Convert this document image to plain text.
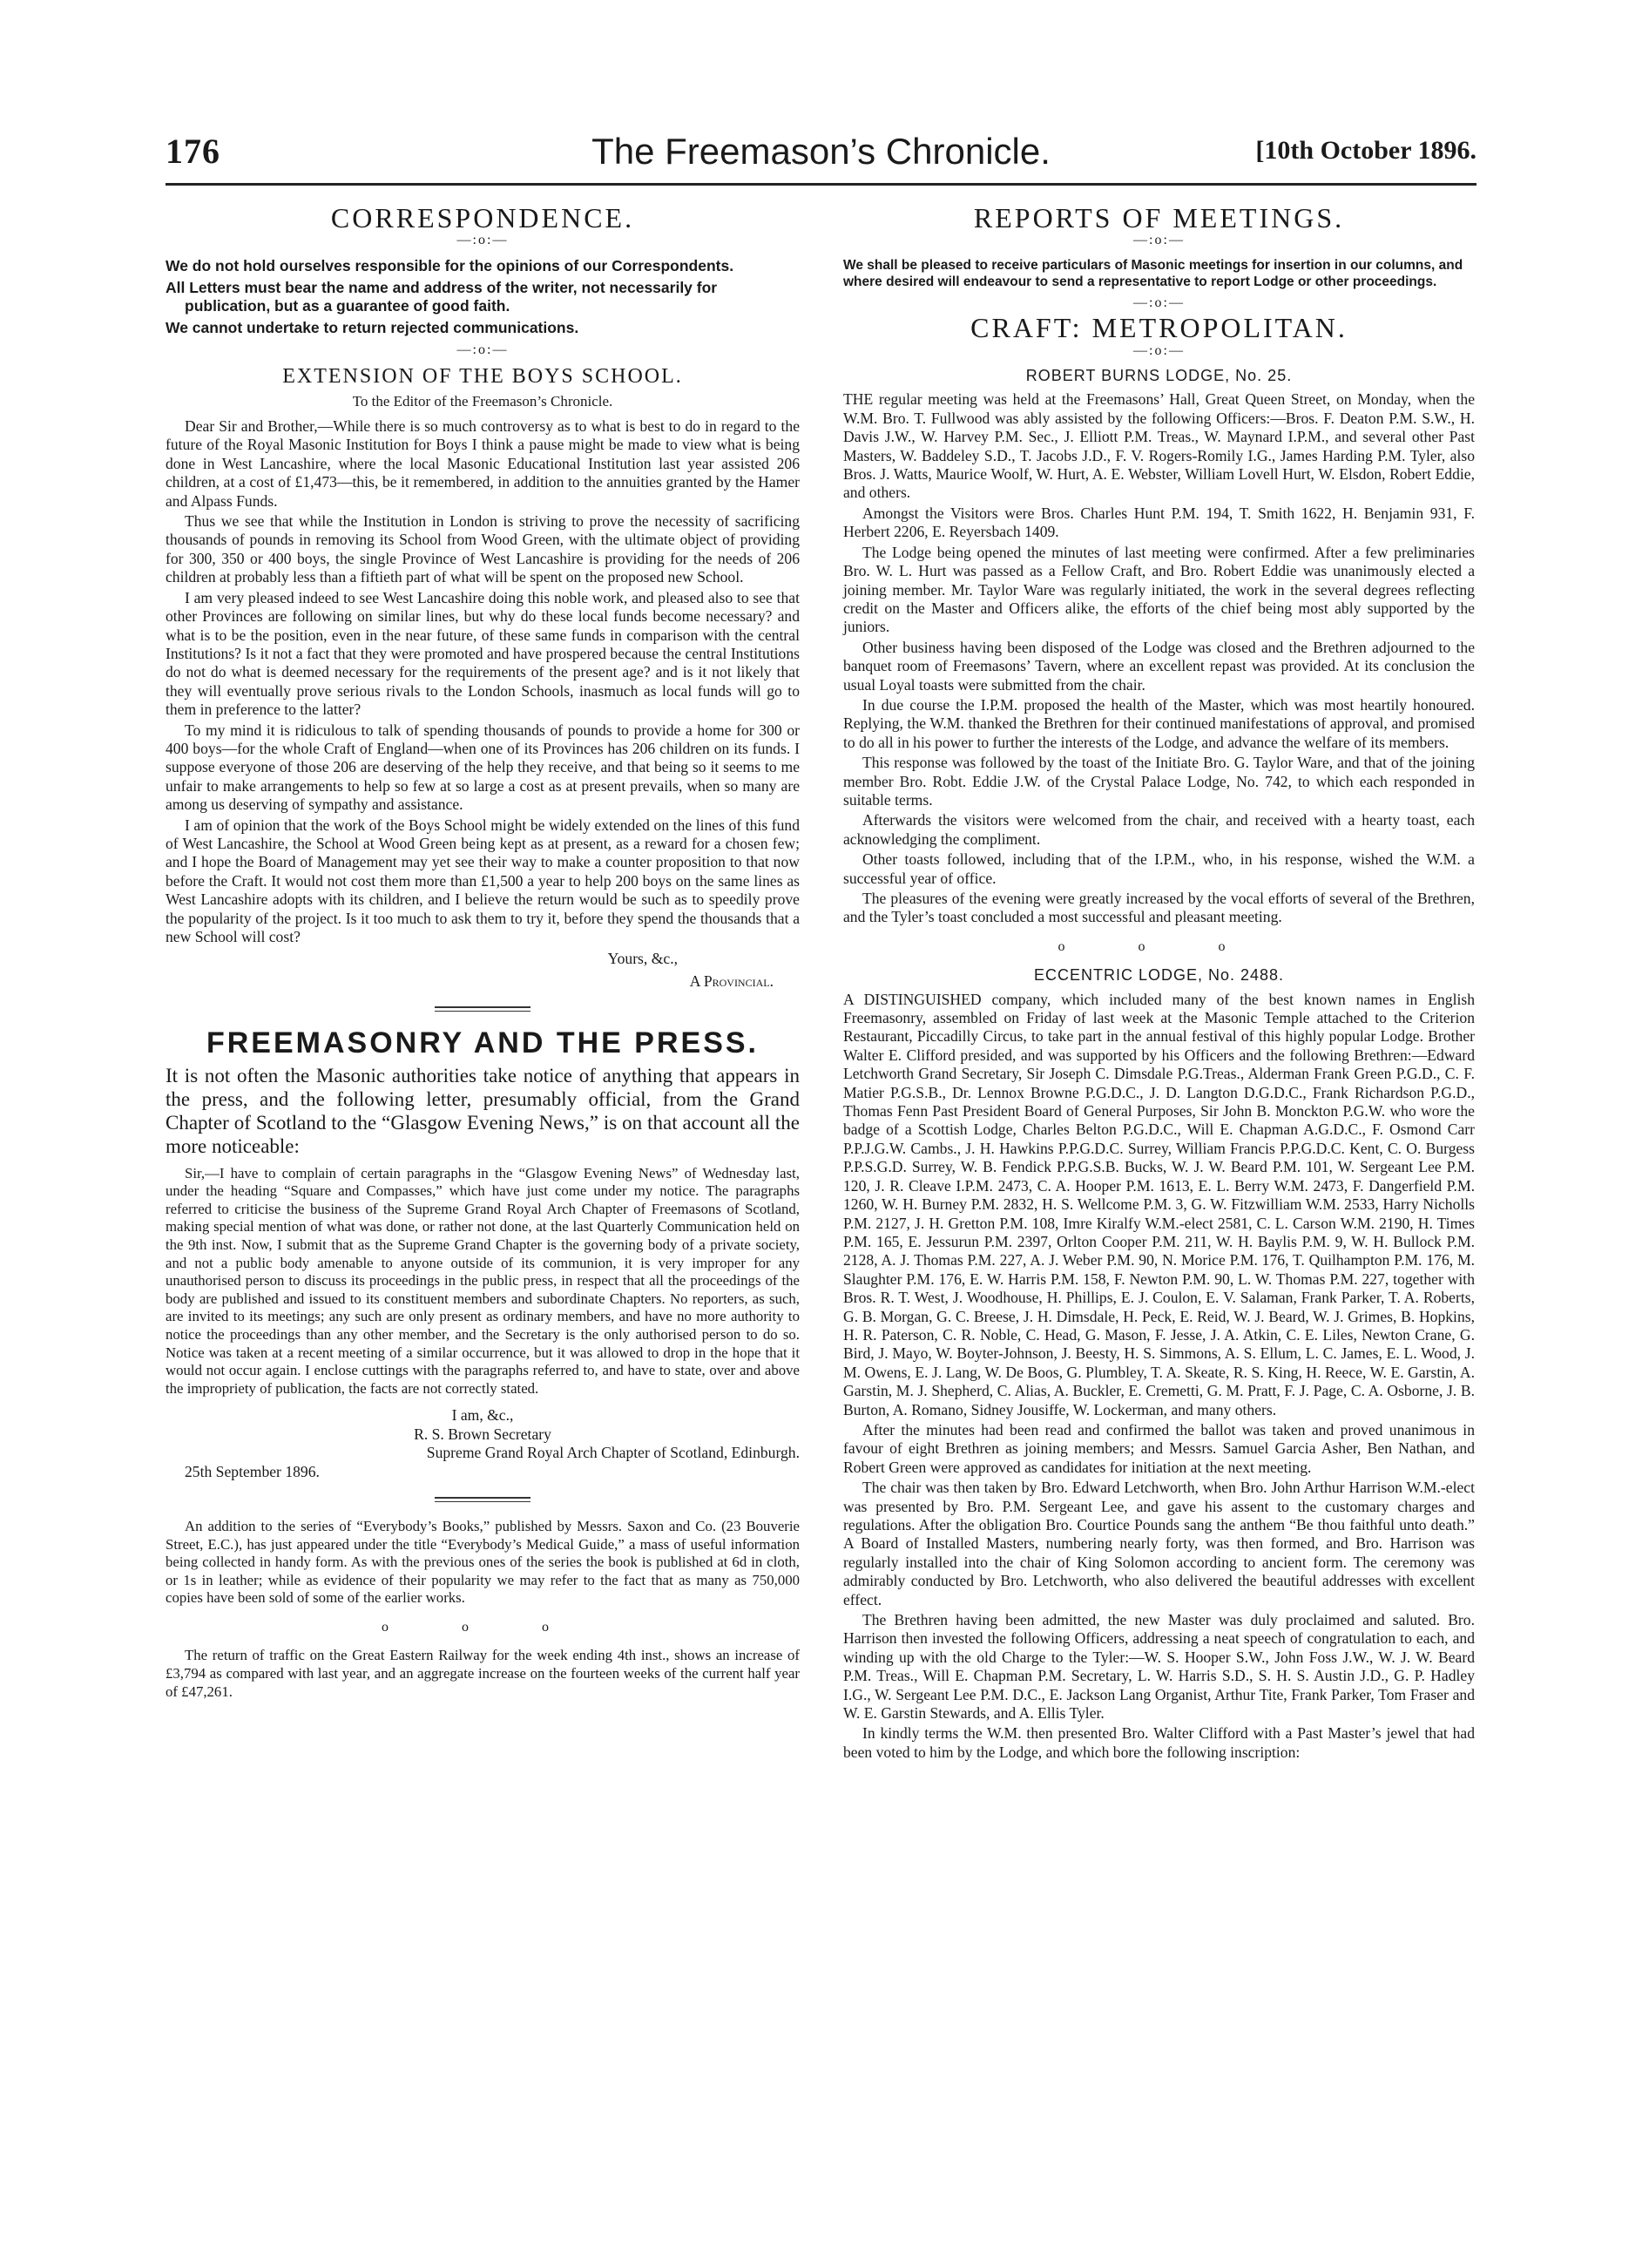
176	The Freemason’s Chronicle.	[10th October 1896.
CORRESPONDENCE.
—:o:—
We do not hold ourselves responsible for the opinions of our Correspondents.
All Letters must bear the name and address of the writer, not necessarily for publication, but as a guarantee of good faith.
We cannot undertake to return rejected communications.
—:o:—
EXTENSION OF THE BOYS SCHOOL.
To the Editor of the Freemason’s Chronicle.

Dear Sir and Brother,—While there is so much controversy as to what is best to do in regard to the future of the Royal Masonic Institution for Boys I think a pause might be made to view what is being done in West Lancashire, where the local Masonic Educational Institution last year assisted 206 children, at a cost of £1,473—this, be it remembered, in addition to the annuities granted by the Hamer and Alpass Funds.

Thus we see that while the Institution in London is striving to prove the necessity of sacrificing thousands of pounds in removing its School from Wood Green, with the ultimate object of providing for 300, 350 or 400 boys, the single Province of West Lancashire is providing for the needs of 206 children at probably less than a fiftieth part of what will be spent on the proposed new School.

I am very pleased indeed to see West Lancashire doing this noble work, and pleased also to see that other Provinces are following on similar lines, but why do these local funds become necessary? and what is to be the position, even in the near future, of these same funds in comparison with the central Institutions? Is it not a fact that they were promoted and have prospered because the central Institutions do not do what is deemed necessary for the requirements of the present age? and is it not likely that they will eventually prove serious rivals to the London Schools, inasmuch as local funds will go to them in preference to the latter?

To my mind it is ridiculous to talk of spending thousands of pounds to provide a home for 300 or 400 boys—for the whole Craft of England—when one of its Provinces has 206 children on its funds. I suppose everyone of those 206 are deserving of the help they receive, and that being so it seems to me unfair to make arrangements to help so few at so large a cost as at present prevails, when so many are among us deserving of sympathy and assistance.

I am of opinion that the work of the Boys School might be widely extended on the lines of this fund of West Lancashire, the School at Wood Green being kept as at present, as a reward for a chosen few; and I hope the Board of Management may yet see their way to make a counter proposition to that now before the Craft. It would not cost them more than £1,500 a year to help 200 boys on the same lines as West Lancashire adopts with its children, and I believe the return would be such as to speedily prove the popularity of the project. Is it too much to ask them to try it, before they spend the thousands that a new School will cost?

Yours, &c.,
A Provincial.
FREEMASONRY AND THE PRESS.
It is not often the Masonic authorities take notice of anything that appears in the press, and the following letter, presumably official, from the Grand Chapter of Scotland to the “Glasgow Evening News,” is on that account all the more noticeable:

Sir,—I have to complain of certain paragraphs in the “Glasgow Evening News” of Wednesday last, under the heading “Square and Compasses,” which have just come under my notice. The paragraphs referred to criticise the business of the Supreme Grand Royal Arch Chapter of Freemasons of Scotland, making special mention of what was done, or rather not done, at the last Quarterly Communication held on the 9th inst. Now, I submit that as the Supreme Grand Chapter is the governing body of a private society, and not a public body amenable to anyone outside of its communion, it is very improper for any unauthorised person to discuss its proceedings in the public press, in respect that all the proceedings of the body are published and issued to its constituent members and subordinate Chapters. No reporters, as such, are invited to its meetings; any such are only present as ordinary members, and have no more authority to notice the proceedings than any other member, and the Secretary is the only authorised person to do so. Notice was taken at a recent meeting of a similar occurrence, but it was allowed to drop in the hope that it would not occur again. I enclose cuttings with the paragraphs referred to, and have to state, over and above the impropriety of publication, the facts are not correctly stated.

I am, &c.,
R. S. Brown Secretary
Supreme Grand Royal Arch Chapter of Scotland, Edinburgh.
25th September 1896.

An addition to the series of “Everybody’s Books,” published by Messrs. Saxon and Co. (23 Bouverie Street, E.C.), has just appeared under the title “Everybody’s Medical Guide,” a mass of useful information being collected in handy form. As with the previous ones of the series the book is published at 6d in cloth, or 1s in leather; while as evidence of their popularity we may refer to the fact that as many as 750,000 copies have been sold of some of the earlier works.

o o o

The return of traffic on the Great Eastern Railway for the week ending 4th inst., shows an increase of £3,794 as compared with last year, and an aggregate increase on the fourteen weeks of the current half year of £47,261.

REPORTS OF MEETINGS.
—:o:—
We shall be pleased to receive particulars of Masonic meetings for insertion in our columns, and where desired will endeavour to send a representative to report Lodge or other proceedings.
—:o:—
CRAFT: METROPOLITAN.
—:o:—
ROBERT BURNS LODGE, No. 25.

THE regular meeting was held at the Freemasons’ Hall, Great Queen Street, on Monday, when the W.M. Bro. T. Fullwood was ably assisted by the following Officers:—Bros. F. Deaton P.M. S.W., H. Davis J.W., W. Harvey P.M. Sec., J. Elliott P.M. Treas., W. Maynard I.P.M., and several other Past Masters, W. Baddeley S.D., T. Jacobs J.D., F. V. Rogers-Romily I.G., James Harding P.M. Tyler, also Bros. J. Watts, Maurice Woolf, W. Hurt, A. E. Webster, William Lovell Hurt, W. Elsdon, Robert Eddie, and others.

Amongst the Visitors were Bros. Charles Hunt P.M. 194, T. Smith 1622, H. Benjamin 931, F. Herbert 2206, E. Reyersbach 1409.

The Lodge being opened the minutes of last meeting were confirmed. After a few preliminaries Bro. W. L. Hurt was passed as a Fellow Craft, and Bro. Robert Eddie was unanimously elected a joining member. Mr. Taylor Ware was regularly initiated, the work in the several degrees reflecting credit on the Master and Officers alike, the efforts of the chief being most ably supported by the juniors.

Other business having been disposed of the Lodge was closed and the Brethren adjourned to the banquet room of Freemasons’ Tavern, where an excellent repast was provided. At its conclusion the usual Loyal toasts were submitted from the chair.

In due course the I.P.M. proposed the health of the Master, which was most heartily honoured. Replying, the W.M. thanked the Brethren for their continued manifestations of approval, and promised to do all in his power to further the interests of the Lodge, and advance the welfare of its members.

This response was followed by the toast of the Initiate Bro. G. Taylor Ware, and that of the joining member Bro. Robt. Eddie J.W. of the Crystal Palace Lodge, No. 742, to which each responded in suitable terms.

Afterwards the visitors were welcomed from the chair, and received with a hearty toast, each acknowledging the compliment.

Other toasts followed, including that of the I.P.M., who, in his response, wished the W.M. a successful year of office.

The pleasures of the evening were greatly increased by the vocal efforts of several of the Brethren, and the Tyler’s toast concluded a most successful and pleasant meeting.

o o o
ECCENTRIC LODGE, No. 2488.

A DISTINGUISHED company, which included many of the best known names in English Freemasonry, assembled on Friday of last week at the Masonic Temple attached to the Criterion Restaurant, Piccadilly Circus, to take part in the annual festival of this highly popular Lodge. Brother Walter E. Clifford presided, and was supported by his Officers and the following Brethren:—Edward Letchworth Grand Secretary, Sir Joseph C. Dimsdale P.G.Treas., Alderman Frank Green P.G.D., C. F. Matier P.G.S.B., Dr. Lennox Browne P.G.D.C., J. D. Langton D.G.D.C., Frank Richardson P.G.D., Thomas Fenn Past President Board of General Purposes, Sir John B. Monckton P.G.W. who wore the badge of a Scottish Lodge, Charles Belton P.G.D.C., Will E. Chapman A.G.D.C., F. Osmond Carr P.P.J.G.W. Cambs., J. H. Hawkins P.P.G.D.C. Surrey, William Francis P.P.G.D.C. Kent, C. O. Burgess P.P.S.G.D. Surrey, W. B. Fendick P.P.G.S.B. Bucks, W. J. W. Beard P.M. 101, W. Sergeant Lee P.M. 120, J. R. Cleave I.P.M. 2473, C. A. Hooper P.M. 1613, E. L. Berry W.M. 2473, F. Dangerfield P.M. 1260, W. H. Burney P.M. 2832, H. S. Wellcome P.M. 3, G. W. Fitzwilliam W.M. 2533, Harry Nicholls P.M. 2127, J. H. Gretton P.M. 108, Imre Kiralfy W.M.-elect 2581, C. L. Carson W.M. 2190, H. Times P.M. 165, E. Jessurun P.M. 2397, Orlton Cooper P.M. 211, W. H. Baylis P.M. 9, W. H. Bullock P.M. 2128, A. J. Thomas P.M. 227, A. J. Weber P.M. 90, N. Morice P.M. 176, T. Quilhampton P.M. 176, M. Slaughter P.M. 176, E. W. Harris P.M. 158, F. Newton P.M. 90, L. W. Thomas P.M. 227, together with Bros. R. T. West, J. Woodhouse, H. Phillips, E. J. Coulon, E. V. Salaman, Frank Parker, T. A. Roberts, G. B. Morgan, G. C. Breese, J. H. Dimsdale, H. Peck, E. Reid, W. J. Beard, W. J. Grimes, B. Hopkins, H. R. Paterson, C. R. Noble, C. Head, G. Mason, F. Jesse, J. A. Atkin, C. E. Liles, Newton Crane, G. Bird, J. Mayo, W. Boyter-Johnson, J. Beesty, H. S. Simmons, A. S. Ellum, L. C. James, E. L. Wood, J. M. Owens, E. J. Lang, W. De Boos, G. Plumbley, T. A. Skeate, R. S. King, H. Reece, W. E. Garstin, A. Garstin, M. J. Shepherd, C. Alias, A. Buckler, E. Cremetti, G. M. Pratt, F. J. Page, C. A. Osborne, J. B. Burton, A. Romano, Sidney Jousiffe, W. Lockerman, and many others.

After the minutes had been read and confirmed the ballot was taken and proved unanimous in favour of eight Brethren as joining members; and Messrs. Samuel Garcia Asher, Ben Nathan, and Robert Green were approved as candidates for initiation at the next meeting.

The chair was then taken by Bro. Edward Letchworth, when Bro. John Arthur Harrison W.M.-elect was presented by Bro. P.M. Sergeant Lee, and gave his assent to the customary charges and regulations. After the obligation Bro. Courtice Pounds sang the anthem “Be thou faithful unto death.” A Board of Installed Masters, numbering nearly forty, was then formed, and Bro. Harrison was regularly installed into the chair of King Solomon according to ancient form. The ceremony was admirably conducted by Bro. Letchworth, who also delivered the beautiful addresses with excellent effect.

The Brethren having been admitted, the new Master was duly proclaimed and saluted. Bro. Harrison then invested the following Officers, addressing a neat speech of congratulation to each, and winding up with the old Charge to the Tyler:—W. S. Hooper S.W., John Foss J.W., W. J. W. Beard P.M. Treas., Will E. Chapman P.M. Secretary, L. W. Harris S.D., S. H. S. Austin J.D., G. P. Hadley I.G., W. Sergeant Lee P.M. D.C., E. Jackson Lang Organist, Arthur Tite, Frank Parker, Tom Fraser and W. E. Garstin Stewards, and A. Ellis Tyler.

In kindly terms the W.M. then presented Bro. Walter Clifford with a Past Master’s jewel that had been voted to him by the Lodge, and which bore the following inscription:
